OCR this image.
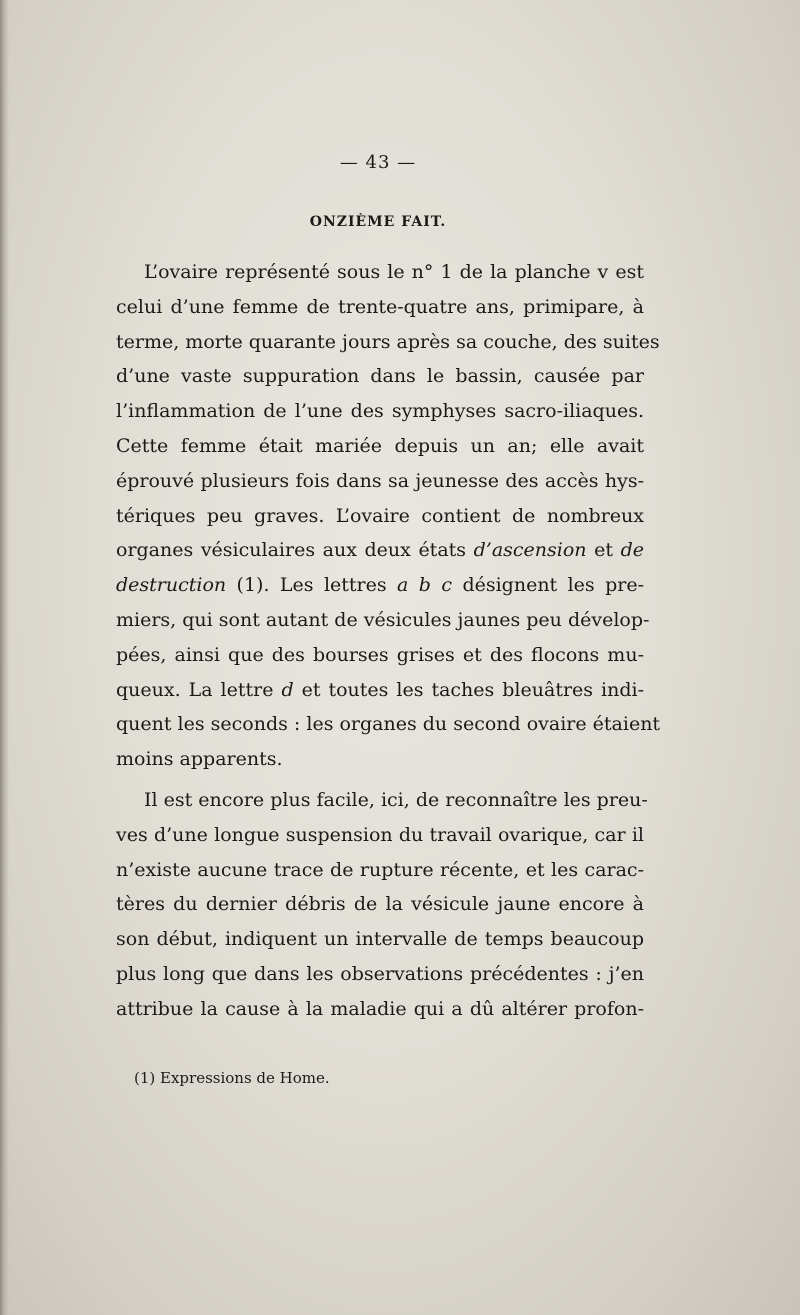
— 43 —
ONZIÈME FAIT.
L’ovaire représenté sous le n° 1 de la planche v est
celui d’une femme de trente-quatre ans, primipare, à
terme, morte quarante jours après sa couche, des suites
d’une vaste suppuration dans le bassin, causée par
l’inflammation de l’une des symphyses sacro-iliaques.
Cette femme était mariée depuis un an; elle avait
éprouvé plusieurs fois dans sa jeunesse des accès hys-
tériques peu graves. L’ovaire contient de nombreux
organes vésiculaires aux deux états d’ascension et de
destruction (1). Les lettres a b c désignent les pre-
miers, qui sont autant de vésicules jaunes peu dévelop-
pées, ainsi que des bourses grises et des flocons mu-
queux. La lettre d et toutes les taches bleuâtres indi-
quent les seconds : les organes du second ovaire étaient
moins apparents.
Il est encore plus facile, ici, de reconnaître les preu-
ves d’une longue suspension du travail ovarique, car il
n’existe aucune trace de rupture récente, et les carac-
tères du dernier débris de la vésicule jaune encore à
son début, indiquent un intervalle de temps beaucoup
plus long que dans les observations précédentes : j’en
attribue la cause à la maladie qui a dû altérer profon-
(1) Expressions de Home.
